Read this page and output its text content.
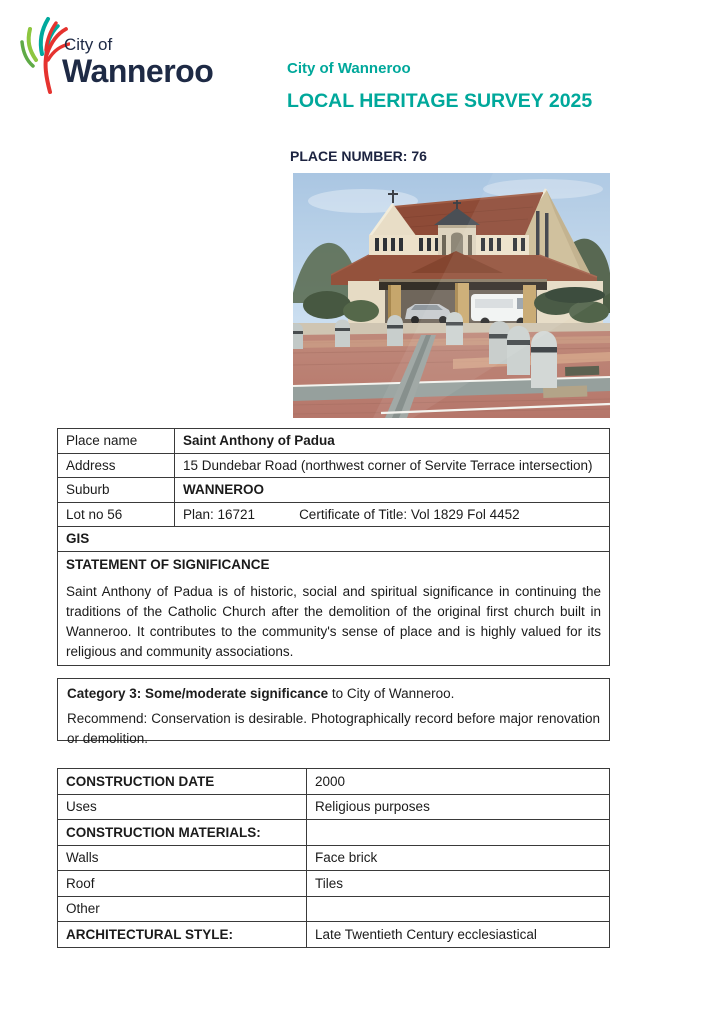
City of
Wanneroo	City of Wanneroo
LOCAL HERITAGE SURVEY 2025
PLACE NUMBER: 76
Place name	Saint Anthony of Padua
Address	15 Dundebar Road (northwest corner of Servite Terrace intersection)
Suburb	WANNEROO
Lot no 56	Plan: 16721 Certificate of Title: Vol 1829 Fol 4452
GIS	

STATEMENT OF SIGNIFICANCE

Saint Anthony of Padua is of historic, social and spiritual significance in continuing the traditions of the Catholic Church after the demolition of the original first church built in Wanneroo. It contributes to the community's sense of place and is highly valued for its religious and community associations.	

Category 3: Some/moderate significance to City of Wanneroo.

Recommend: Conservation is desirable. Photographically record before major renovation or demolition.

CONSTRUCTION DATE	2000
Uses	Religious purposes
CONSTRUCTION MATERIALS:	
Walls	Face brick
Roof	Tiles
Other	
ARCHITECTURAL STYLE:	Late Twentieth Century ecclesiastical
